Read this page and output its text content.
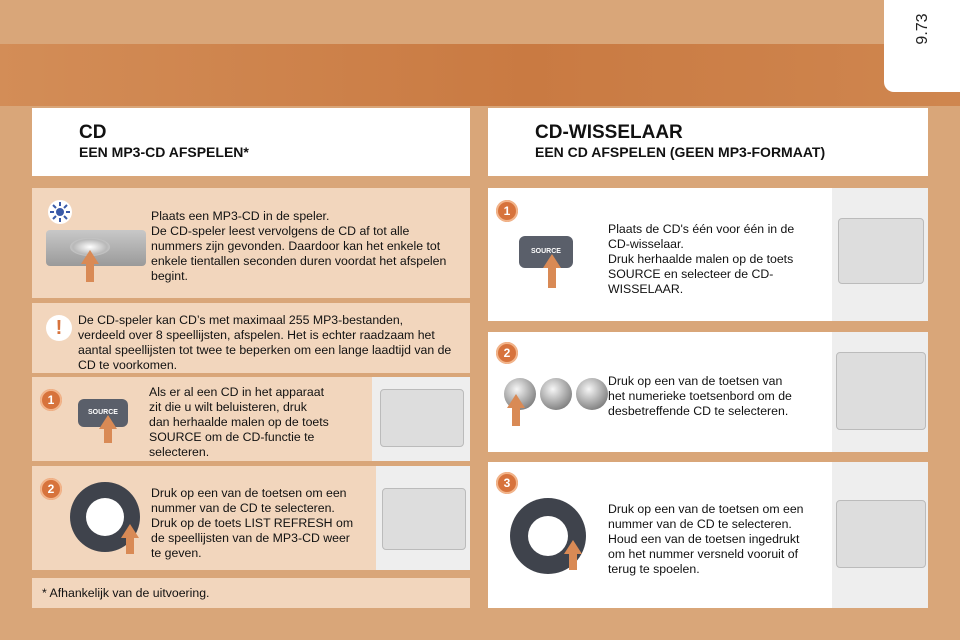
9.73
CD
EEN MP3-CD AFSPELEN*
Plaats een MP3-CD in de speler.
De CD-speler leest vervolgens de CD af tot alle
nummers zijn gevonden. Daardoor kan het enkele tot
enkele tientallen seconden duren voordat het afspelen
begint.
!	De CD-speler kan CD’s met maximaal 255 MP3-bestanden,
verdeeld over 8 speellijsten, afspelen. Het is echter raadzaam het
aantal speellijsten tot twee te beperken om een lange laadtijd van de
CD te voorkomen.
1
SOURCE
Als er al een CD in het apparaat
zit die u wilt beluisteren, druk
dan herhaalde malen op de toets
SOURCE om de CD-functie te
selecteren.
2	Druk op een van de toetsen om een
nummer van de CD te selecteren.
Druk op de toets LIST REFRESH om
de speellijsten van de MP3-CD weer
te geven.
* Afhankelijk van de uitvoering.
CD-WISSELAAR
EEN CD AFSPELEN (GEEN MP3-FORMAAT)
1
SOURCE
Plaats de CD's één voor één in de
CD-wisselaar.
Druk herhaalde malen op de toets
SOURCE en selecteer de CD-
WISSELAAR.
2
Druk op een van de toetsen van
het numerieke toetsenbord om de
desbetreffende CD te selecteren.
3
Druk op een van de toetsen om een
nummer van de CD te selecteren.
Houd een van de toetsen ingedrukt
om het nummer versneld vooruit of
terug te spoelen.
